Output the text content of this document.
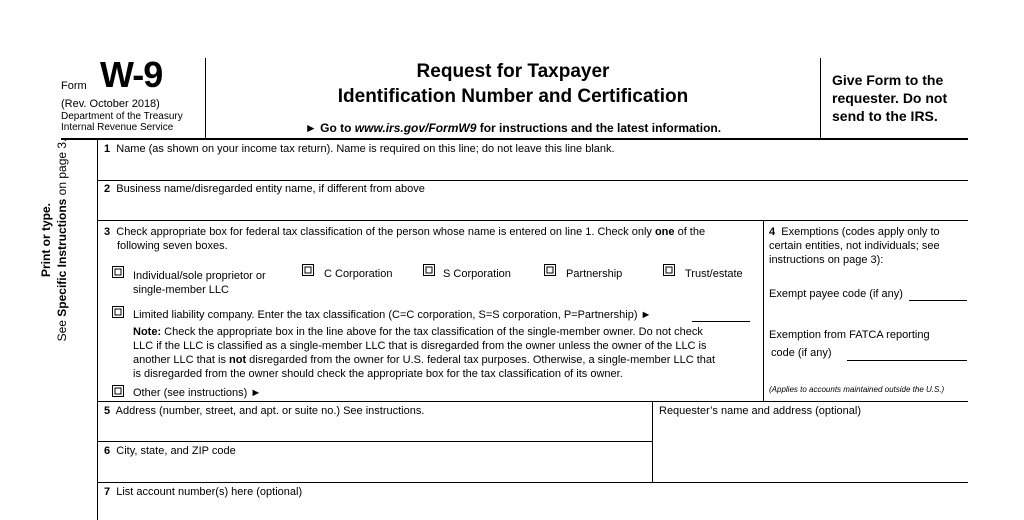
Form W-9
(Rev. October 2018)
Department of the Treasury
Internal Revenue Service
Request for Taxpayer
Identification Number and Certification
► Go to www.irs.gov/FormW9 for instructions and the latest information.
Give Form to the requester. Do not send to the IRS.
Print or type.
See Specific Instructions on page 3.	1 Name (as shown on your income tax return). Name is required on this line; do not leave this line blank.
2 Business name/disregarded entity name, if different from above
3 Check appropriate box for federal tax classification of the person whose name is entered on line 1. Check only one of the
following seven boxes.
Individual/sole proprietor or
single-member LLC
C Corporation	S Corporation	Partnership	Trust/estate
Limited liability company. Enter the tax classification (C=C corporation, S=S corporation, P=Partnership) ►
Note: Check the appropriate box in the line above for the tax classification of the single-member owner. Do not check
LLC if the LLC is classified as a single-member LLC that is disregarded from the owner unless the owner of the LLC is
another LLC that is not disregarded from the owner for U.S. federal tax purposes. Otherwise, a single-member LLC that
is disregarded from the owner should check the appropriate box for the tax classification of its owner.
Other (see instructions) ►
4 Exemptions (codes apply only to
certain entities, not individuals; see
instructions on page 3):
Exempt payee code (if any)
Exemption from FATCA reporting
code (if any)
(Applies to accounts maintained outside the U.S.)
5 Address (number, street, and apt. or suite no.) See instructions.	Requester’s name and address (optional)
6 City, state, and ZIP code
7 List account number(s) here (optional)
